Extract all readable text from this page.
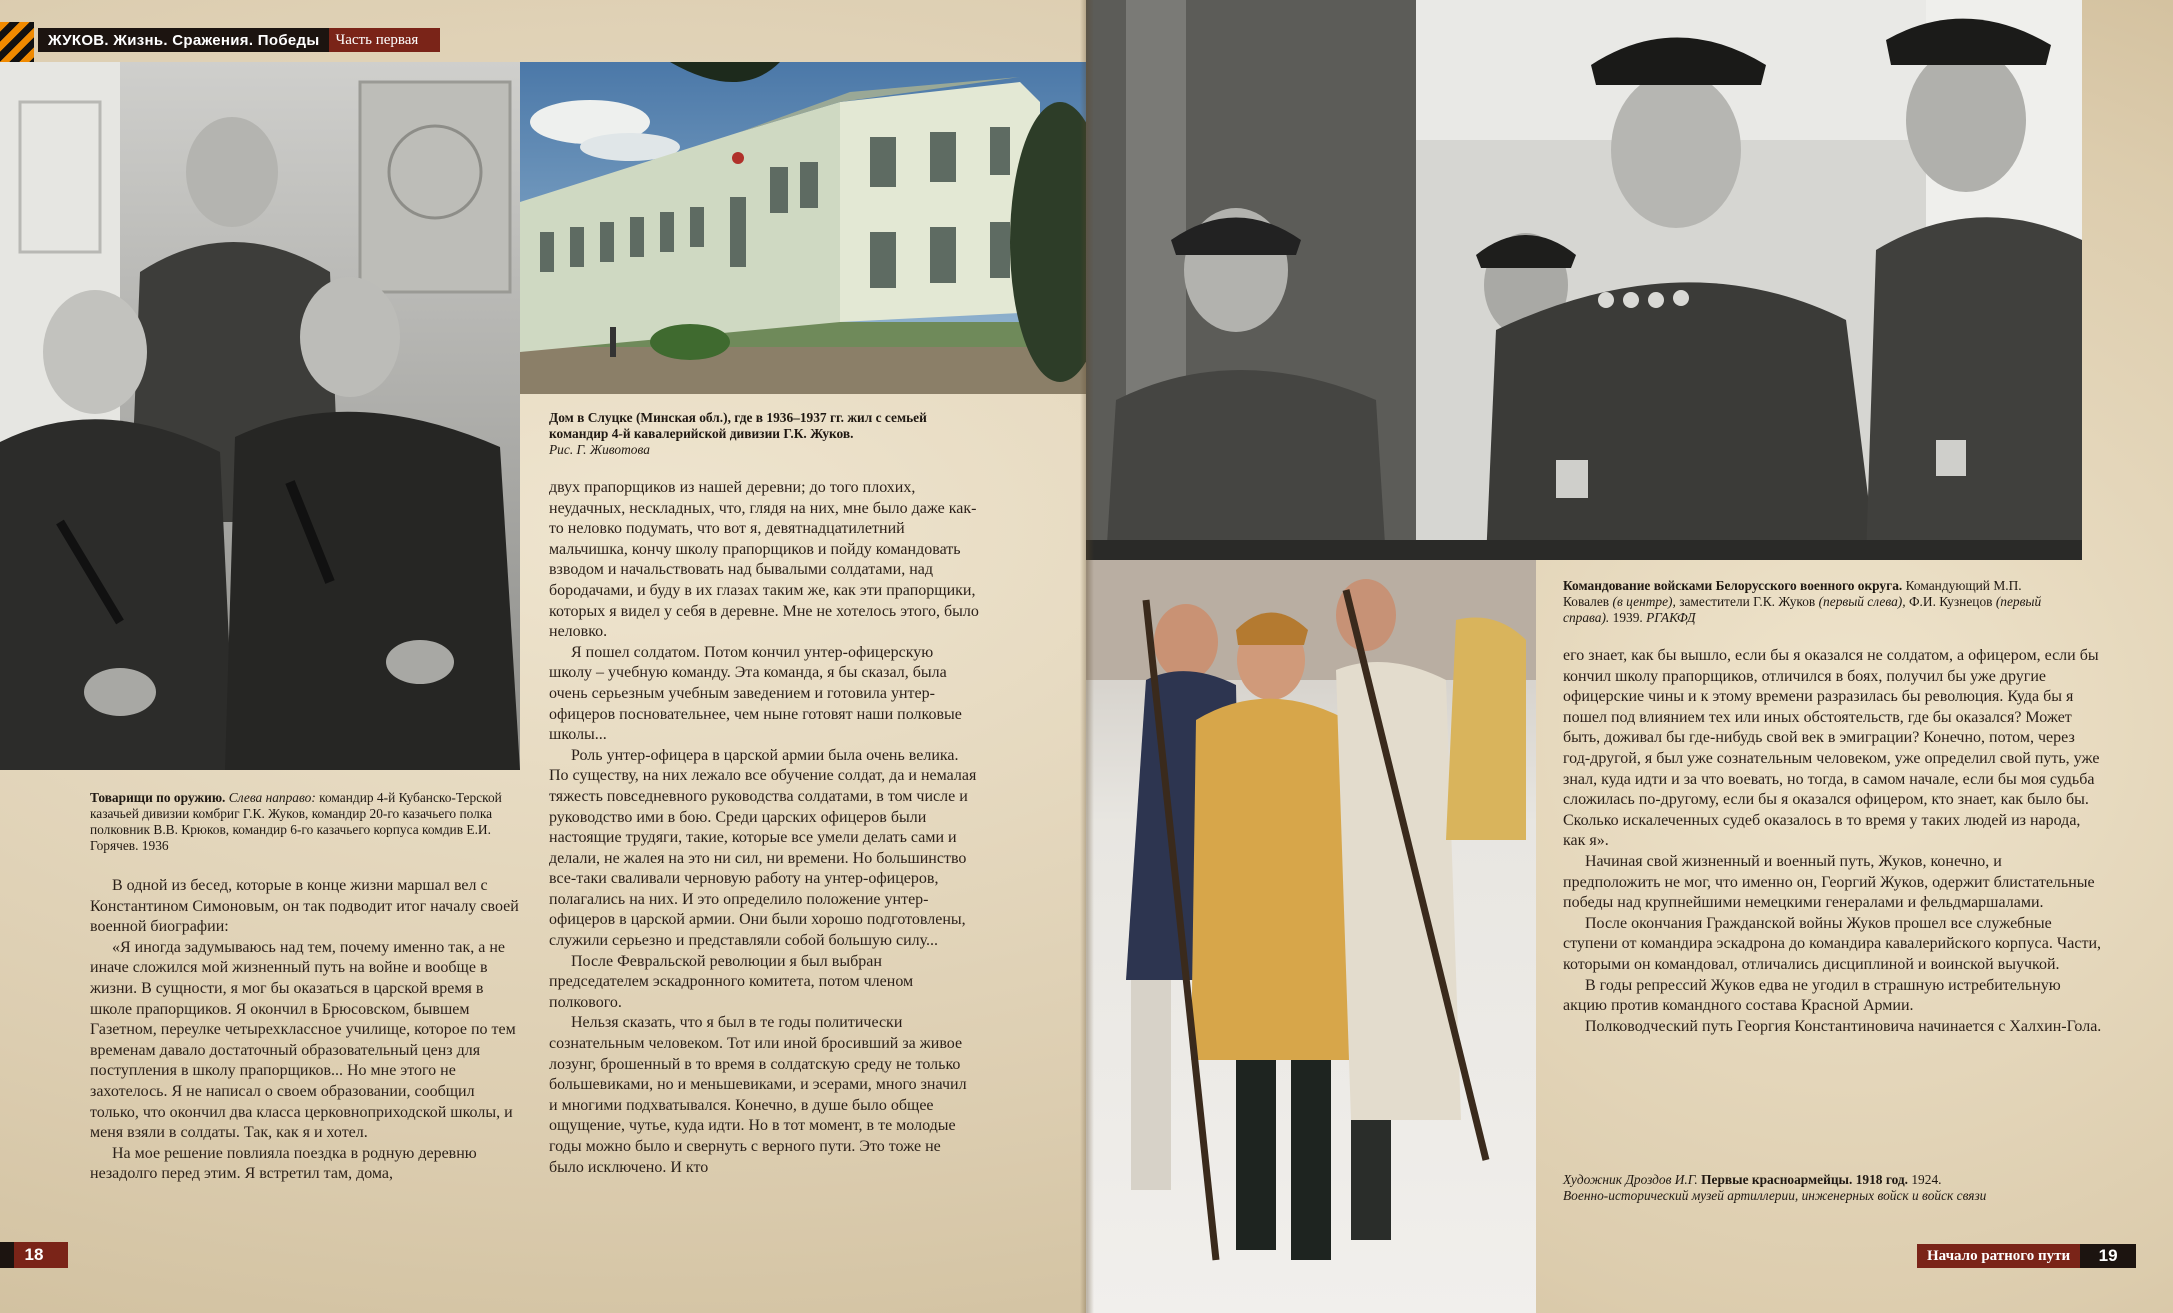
ЖУКОВ. Жизнь. Сражения. Победы	Часть первая
Товарищи по оружию. Слева направо: командир 4-й Кубанско-Терской казачьей дивизии комбриг Г.К. Жуков, командир 20-го казачьего полка полковник В.В. Крюков, командир 6-го казачьего корпуса комдив Е.И. Горячев. 1936
Дом в Слуцке (Минская обл.), где в 1936–1937 гг. жил с семьей командир 4-й кавалерийской дивизии Г.К. Жуков.
Рис. Г. Животова

В одной из бесед, которые в конце жизни маршал вел с Константином Симоновым, он так подводит итог началу своей военной биографии:

«Я иногда задумываюсь над тем, почему именно так, а не иначе сложился мой жизненный путь на войне и вообще в жизни. В сущности, я мог бы оказаться в царской время в школе прапорщиков. Я окончил в Брюсовском, бывшем Газетном, переулке четырехклассное училище, которое по тем временам давало достаточный образовательный ценз для поступления в школу прапорщиков... Но мне этого не захотелось. Я не написал о своем образовании, сообщил только, что окончил два класса церковноприходской школы, и меня взяли в солдаты. Так, как я и хотел.

На мое решение повлияла поездка в родную деревню незадолго перед этим. Я встретил там, дома,

двух прапорщиков из нашей деревни; до того плохих, неудачных, нескладных, что, глядя на них, мне было даже как-то неловко подумать, что вот я, девятнадцатилетний мальчишка, кончу школу прапорщиков и пойду командовать взводом и начальствовать над бывалыми солдатами, над бородачами, и буду в их глазах таким же, как эти прапорщики, которых я видел у себя в деревне. Мне не хотелось этого, было неловко.

Я пошел солдатом. Потом кончил унтер-офицерскую школу – учебную команду. Эта команда, я бы сказал, была очень серьезным учебным заведением и готовила унтер-офицеров посновательнее, чем ныне готовят наши полковые школы...

Роль унтер-офицера в царской армии была очень велика. По существу, на них лежало все обучение солдат, да и немалая тяжесть повседневного руководства солдатами, в том числе и руководство ими в бою. Среди царских офицеров были настоящие трудяги, такие, которые все умели делать сами и делали, не жалея на это ни сил, ни времени. Но большинство все-таки сваливали черновую работу на унтер-офицеров, полагались на них. И это определило положение унтер-офицеров в царской армии. Они были хорошо подготовлены, служили серьезно и представляли собой большую силу...

После Февральской революции я был выбран председателем эскадронного комитета, потом членом полкового.

Нельзя сказать, что я был в те годы политически сознательным человеком. Тот или иной бросивший за живое лозунг, брошенный в то время в солдатскую среду не только большевиками, но и меньшевиками, и эсерами, много значил и многими подхватывался. Конечно, в душе было общее ощущение, чутье, куда идти. Но в тот момент, в те молодые годы можно было и свернуть с верного пути. Это тоже не было исключено. И кто

18
Командование войсками Белорусского военного округа. Командующий М.П. Ковалев (в центре), заместители Г.К. Жуков (первый слева), Ф.И. Кузнецов (первый справа). 1939. РГАКФД

его знает, как бы вышло, если бы я оказался не солдатом, а офицером, если бы кончил школу прапорщиков, отличился в боях, получил бы уже другие офицерские чины и к этому времени разразилась бы революция. Куда бы я пошел под влиянием тех или иных обстоятельств, где бы оказался? Может быть, доживал бы где-нибудь свой век в эмиграции? Конечно, потом, через год-другой, я был уже сознательным человеком, уже определил свой путь, уже знал, куда идти и за что воевать, но тогда, в самом начале, если бы моя судьба сложилась по-другому, если бы я оказался офицером, кто знает, как было бы. Сколько искалеченных судеб оказалось в то время у таких людей из народа, как я».

Начиная свой жизненный и военный путь, Жуков, конечно, и предположить не мог, что именно он, Георгий Жуков, одержит блистательные победы над крупнейшими немецкими генералами и фельдмаршалами.

После окончания Гражданской войны Жуков прошел все служебные ступени от командира эскадрона до командира кавалерийского корпуса. Части, которыми он командовал, отличались дисциплиной и воинской выучкой.

В годы репрессий Жуков едва не угодил в страшную истребительную акцию против командного состава Красной Армии.

Полководческий путь Георгия Константиновича начинается с Халхин-Гола.

Художник Дроздов И.Г. Первые красноармейцы. 1918 год. 1924.
Военно-исторический музей артиллерии, инженерных войск и войск связи
Начало ратного пути	19
